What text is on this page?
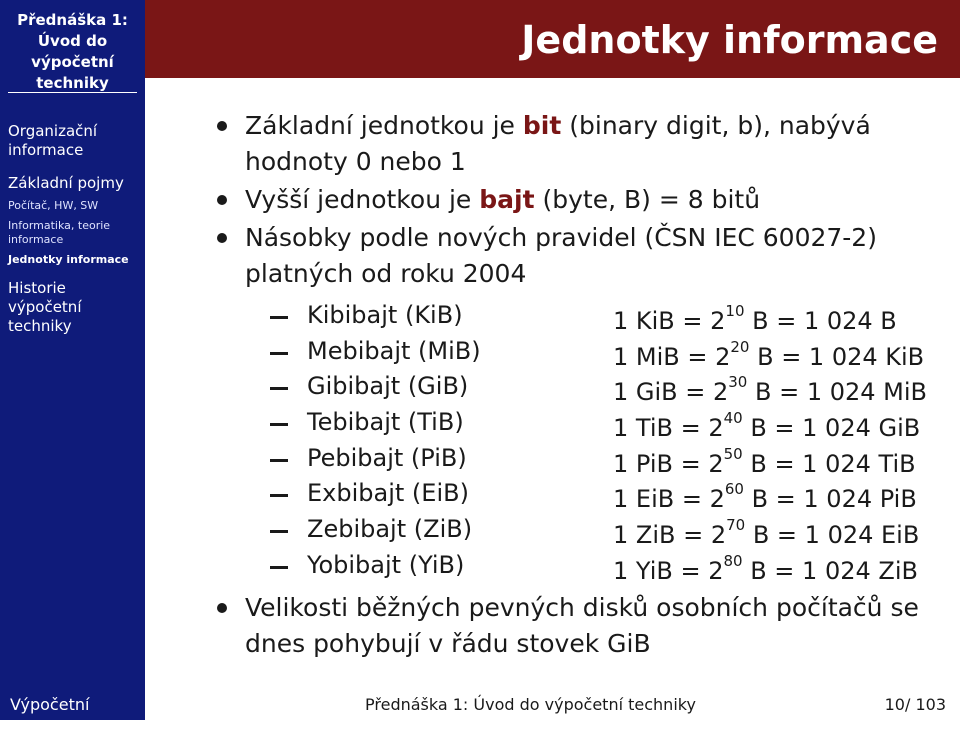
Přednáška 1:
Úvod do výpočetní
techniky
Organizační informace
Základní pojmy
Počítač, HW, SW
Informatika, teorie informace
Jednotky informace
Historie výpočetní techniky
Jednotky informace
Základní jednotkou je bit (binary digit, b), nabývá hodnoty 0 nebo 1
Vyšší jednotkou je bajt (byte, B) = 8 bitů
Násobky podle nových pravidel (ČSN IEC 60027-2) platných od roku 2004
Kibibajt (KiB)	1 KiB = $2^{10}$ B = 1 024 B
Mebibajt (MiB)	1 MiB = $2^{20}$ B = 1 024 KiB
Gibibajt (GiB)	1 GiB = $2^{30}$ B = 1 024 MiB
Tebibajt (TiB)	1 TiB = $2^{40}$ B = 1 024 GiB
Pebibajt (PiB)	1 PiB = $2^{50}$ B = 1 024 TiB
Exbibajt (EiB)	1 EiB = $2^{60}$ B = 1 024 PiB
Zebibajt (ZiB)	1 ZiB = $2^{70}$ B = 1 024 EiB
Yobibajt (YiB)	1 YiB = $2^{80}$ B = 1 024 ZiB
Velikosti běžných pevných disků osobních počítačů se dnes pohybují v řádu stovek GiB
Výpočetní technika I
Přednáška 1: Úvod do výpočetní techniky	10/ 103
